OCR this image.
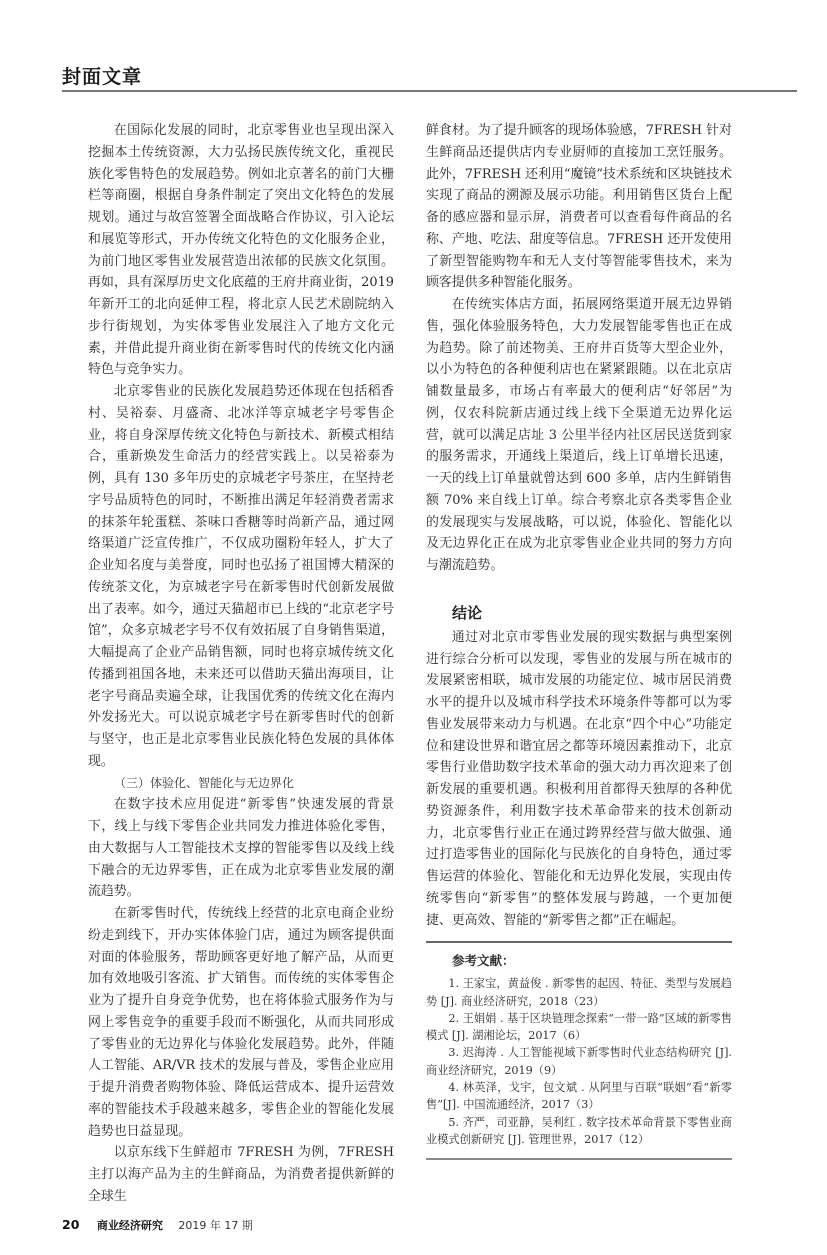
封面文章

在国际化发展的同时，北京零售业也呈现出深入挖掘本土传统资源，大力弘扬民族传统文化，重视民族化零售特色的发展趋势。例如北京著名的前门大栅栏等商圈，根据自身条件制定了突出文化特色的发展规划。通过与故宫签署全面战略合作协议，引入论坛和展览等形式，开办传统文化特色的文化服务企业，为前门地区零售业发展营造出浓郁的民族文化氛围。再如，具有深厚历史文化底蕴的王府井商业街，2019 年新开工的北向延伸工程，将北京人民艺术剧院纳入步行街规划，为实体零售业发展注入了地方文化元素，并借此提升商业街在新零售时代的传统文化内涵特色与竞争实力。

北京零售业的民族化发展趋势还体现在包括稻香村、吴裕泰、月盛斋、北冰洋等京城老字号零售企业，将自身深厚传统文化特色与新技术、新模式相结合，重新焕发生命活力的经营实践上。以吴裕泰为例，具有 130 多年历史的京城老字号茶庄，在坚持老字号品质特色的同时，不断推出满足年轻消费者需求的抹茶年轮蛋糕、茶味口香糖等时尚新产品，通过网络渠道广泛宣传推广，不仅成功圈粉年轻人，扩大了企业知名度与美誉度，同时也弘扬了祖国博大精深的传统茶文化，为京城老字号在新零售时代创新发展做出了表率。如今，通过天猫超市已上线的“北京老字号馆”，众多京城老字号不仅有效拓展了自身销售渠道，大幅提高了企业产品销售额，同时也将京城传统文化传播到祖国各地，未来还可以借助天猫出海项目，让老字号商品卖遍全球，让我国优秀的传统文化在海内外发扬光大。可以说京城老字号在新零售时代的创新与坚守，也正是北京零售业民族化特色发展的具体体现。

（三）体验化、智能化与无边界化

在数字技术应用促进“新零售”快速发展的背景下，线上与线下零售企业共同发力推进体验化零售，由大数据与人工智能技术支撑的智能零售以及线上线下融合的无边界零售，正在成为北京零售业发展的潮流趋势。

在新零售时代，传统线上经营的北京电商企业纷纷走到线下，开办实体体验门店，通过为顾客提供面对面的体验服务，帮助顾客更好地了解产品，从而更加有效地吸引客流、扩大销售。而传统的实体零售企业为了提升自身竞争优势，也在将体验式服务作为与网上零售竞争的重要手段而不断强化，从而共同形成了零售业的无边界化与体验化发展趋势。此外，伴随人工智能、AR/VR 技术的发展与普及，零售企业应用于提升消费者购物体验、降低运营成本、提升运营效率的智能技术手段越来越多，零售企业的智能化发展趋势也日益显现。

以京东线下生鲜超市 7FRESH 为例，7FRESH 主打以海产品为主的生鲜商品，为消费者提供新鲜的全球生

鲜食材。为了提升顾客的现场体验感，7FRESH 针对生鲜商品还提供店内专业厨师的直接加工烹饪服务。此外，7FRESH 还利用“魔镜”技术系统和区块链技术实现了商品的溯源及展示功能。利用销售区货台上配备的感应器和显示屏，消费者可以查看每件商品的名称、产地、吃法、甜度等信息。7FRESH 还开发使用了新型智能购物车和无人支付等智能零售技术，来为顾客提供多种智能化服务。

在传统实体店方面，拓展网络渠道开展无边界销售，强化体验服务特色，大力发展智能零售也正在成为趋势。除了前述物美、王府井百货等大型企业外，以小为特色的各种便利店也在紧紧跟随。以在北京店铺数量最多，市场占有率最大的便利店“好邻居”为例，仅农科院新店通过线上线下全渠道无边界化运营，就可以满足店址 3 公里半径内社区居民送货到家的服务需求，开通线上渠道后，线上订单增长迅速，一天的线上订单量就曾达到 600 多单，店内生鲜销售额 70% 来自线上订单。综合考察北京各类零售企业的发展现实与发展战略，可以说，体验化、智能化以及无边界化正在成为北京零售业企业共同的努力方向与潮流趋势。

结论

通过对北京市零售业发展的现实数据与典型案例进行综合分析可以发现，零售业的发展与所在城市的发展紧密相联，城市发展的功能定位、城市居民消费水平的提升以及城市科学技术环境条件等都可以为零售业发展带来动力与机遇。在北京“四个中心”功能定位和建设世界和谐宜居之都等环境因素推动下，北京零售行业借助数字技术革命的强大动力再次迎来了创新发展的重要机遇。积极利用首都得天独厚的各种优势资源条件，利用数字技术革命带来的技术创新动力，北京零售行业正在通过跨界经营与做大做强、通过打造零售业的国际化与民族化的自身特色，通过零售运营的体验化、智能化和无边界化发展，实现由传统零售向“新零售”的整体发展与跨越，一个更加便捷、更高效、智能的“新零售之都”正在崛起。

参考文献：

1. 王家宝，黄益俊 . 新零售的起因、特征、类型与发展趋势 [J]. 商业经济研究，2018（23）

2. 王娟娟 . 基于区块链理念探索“一带一路”区域的新零售模式 [J]. 湖湘论坛，2017（6）

3. 迟海涛 . 人工智能视域下新零售时代业态结构研究 [J]. 商业经济研究，2019（9）

4. 林英泽，戈宇，包文斌 . 从阿里与百联“联姻”看“新零售”[J]. 中国流通经济，2017（3）

5. 齐严，司亚静，吴利红 . 数字技术革命背景下零售业商业模式创新研究 [J]. 管理世界，2017（12）

20 商业经济研究 2019 年 17 期
